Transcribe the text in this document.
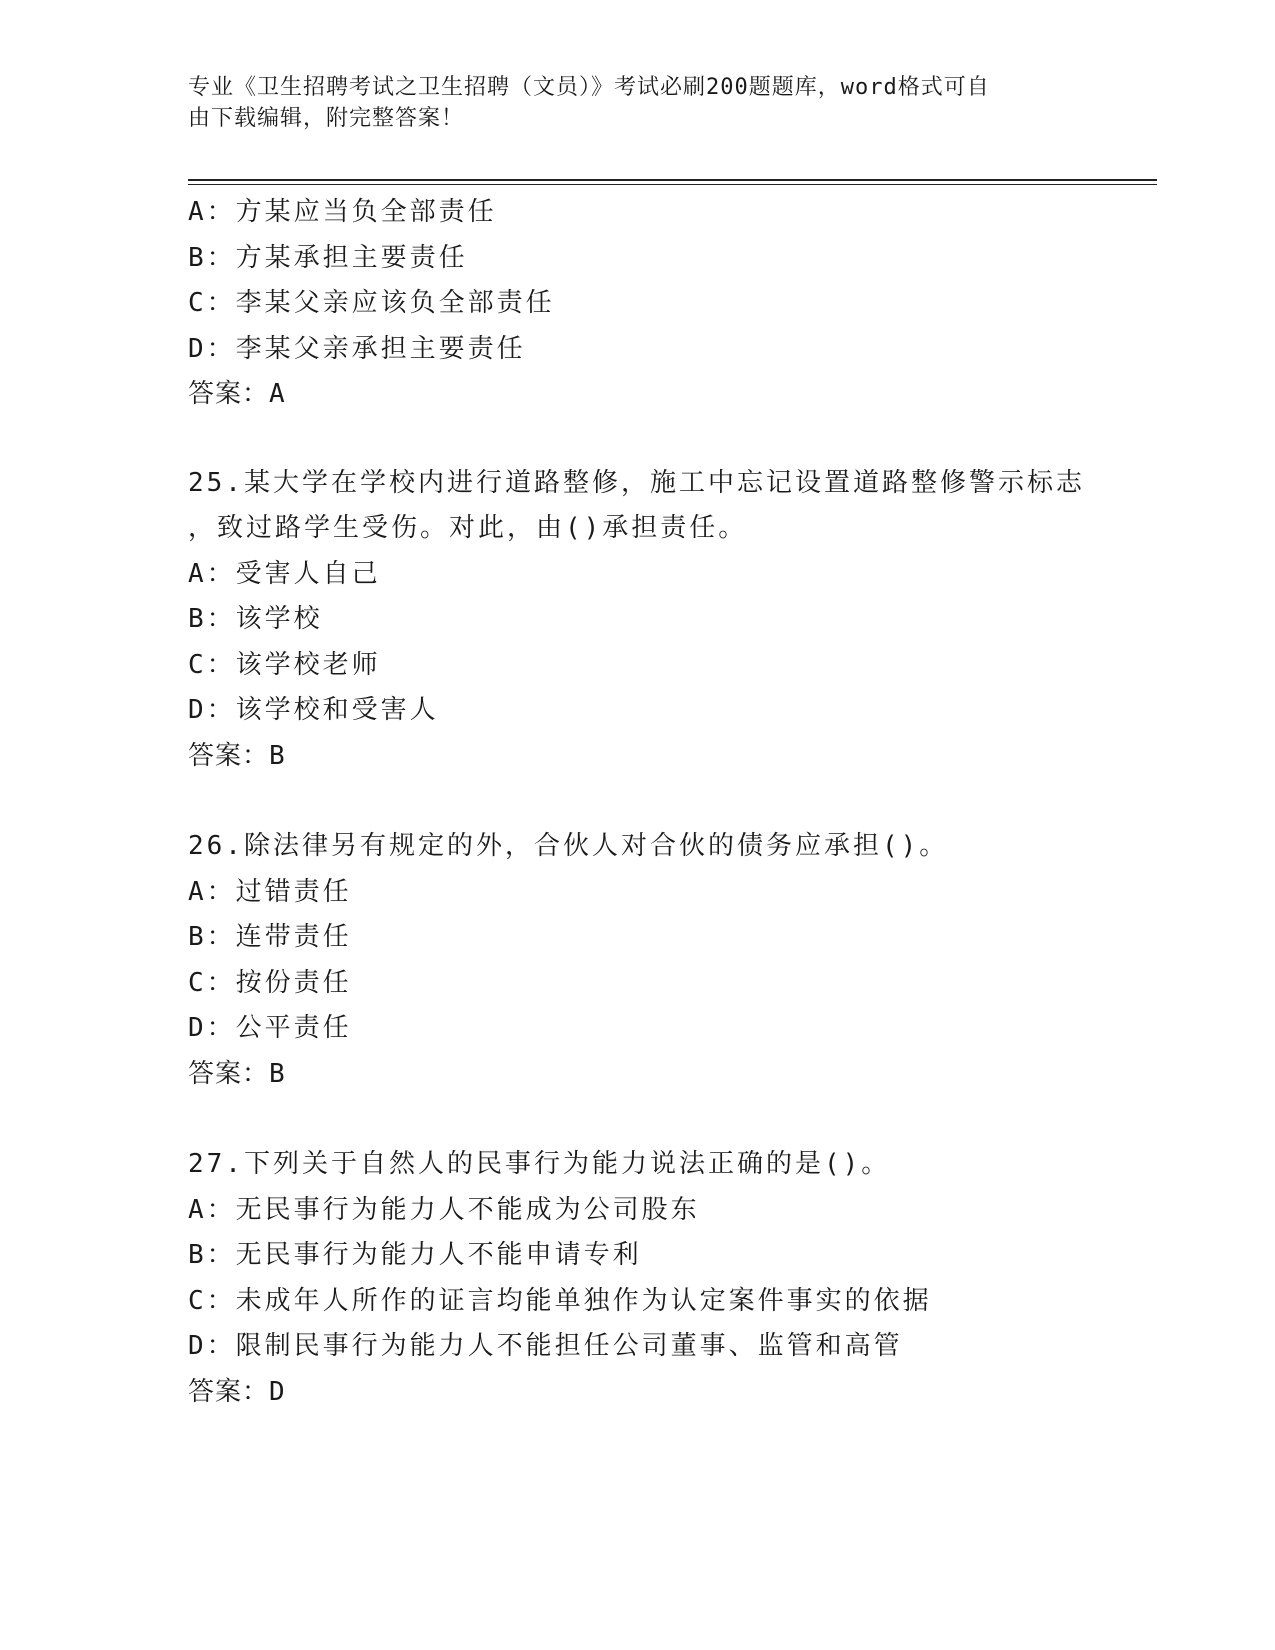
专业《卫生招聘考试之卫生招聘（文员）》考试必刷200题题库，word格式可自
由下载编辑，附完整答案！
A：方某应当负全部责任
B：方某承担主要责任
C：李某父亲应该负全部责任
D：李某父亲承担主要责任
答案：A
25.某大学在学校内进行道路整修，施工中忘记设置道路整修警示标志
，致过路学生受伤。对此，由()承担责任。
A：受害人自己
B：该学校
C：该学校老师
D：该学校和受害人
答案：B
26.除法律另有规定的外，合伙人对合伙的债务应承担()。
A：过错责任
B：连带责任
C：按份责任
D：公平责任
答案：B
27.下列关于自然人的民事行为能力说法正确的是()。
A：无民事行为能力人不能成为公司股东
B：无民事行为能力人不能申请专利
C：未成年人所作的证言均能单独作为认定案件事实的依据
D：限制民事行为能力人不能担任公司董事、监管和高管
答案：D
